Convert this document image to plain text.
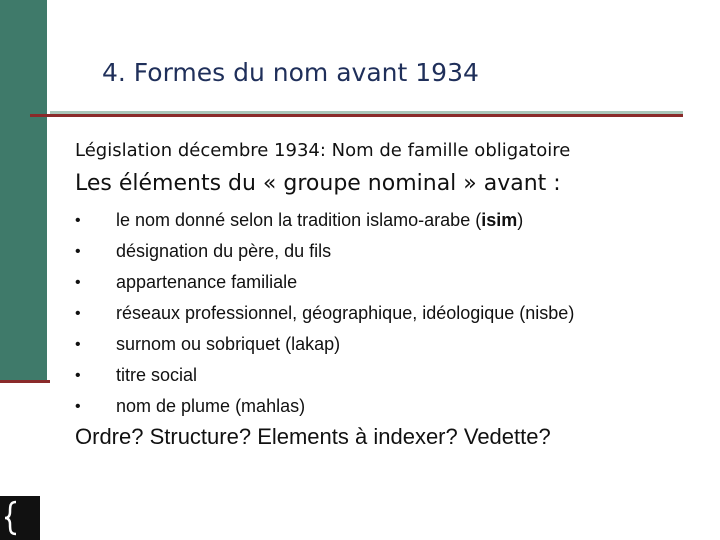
4. Formes du nom avant 1934
Législation décembre 1934: Nom de famille obligatoire
Les éléments du « groupe nominal » avant :
•	le nom donné selon la tradition islamo-arabe (isim)
•	désignation du père, du fils
•	appartenance familiale
•	réseaux professionnel, géographique, idéologique (nisbe)
•	surnom ou sobriquet (lakap)
•	titre social
•	nom de plume (mahlas)
Ordre? Structure? Elements à indexer? Vedette?
